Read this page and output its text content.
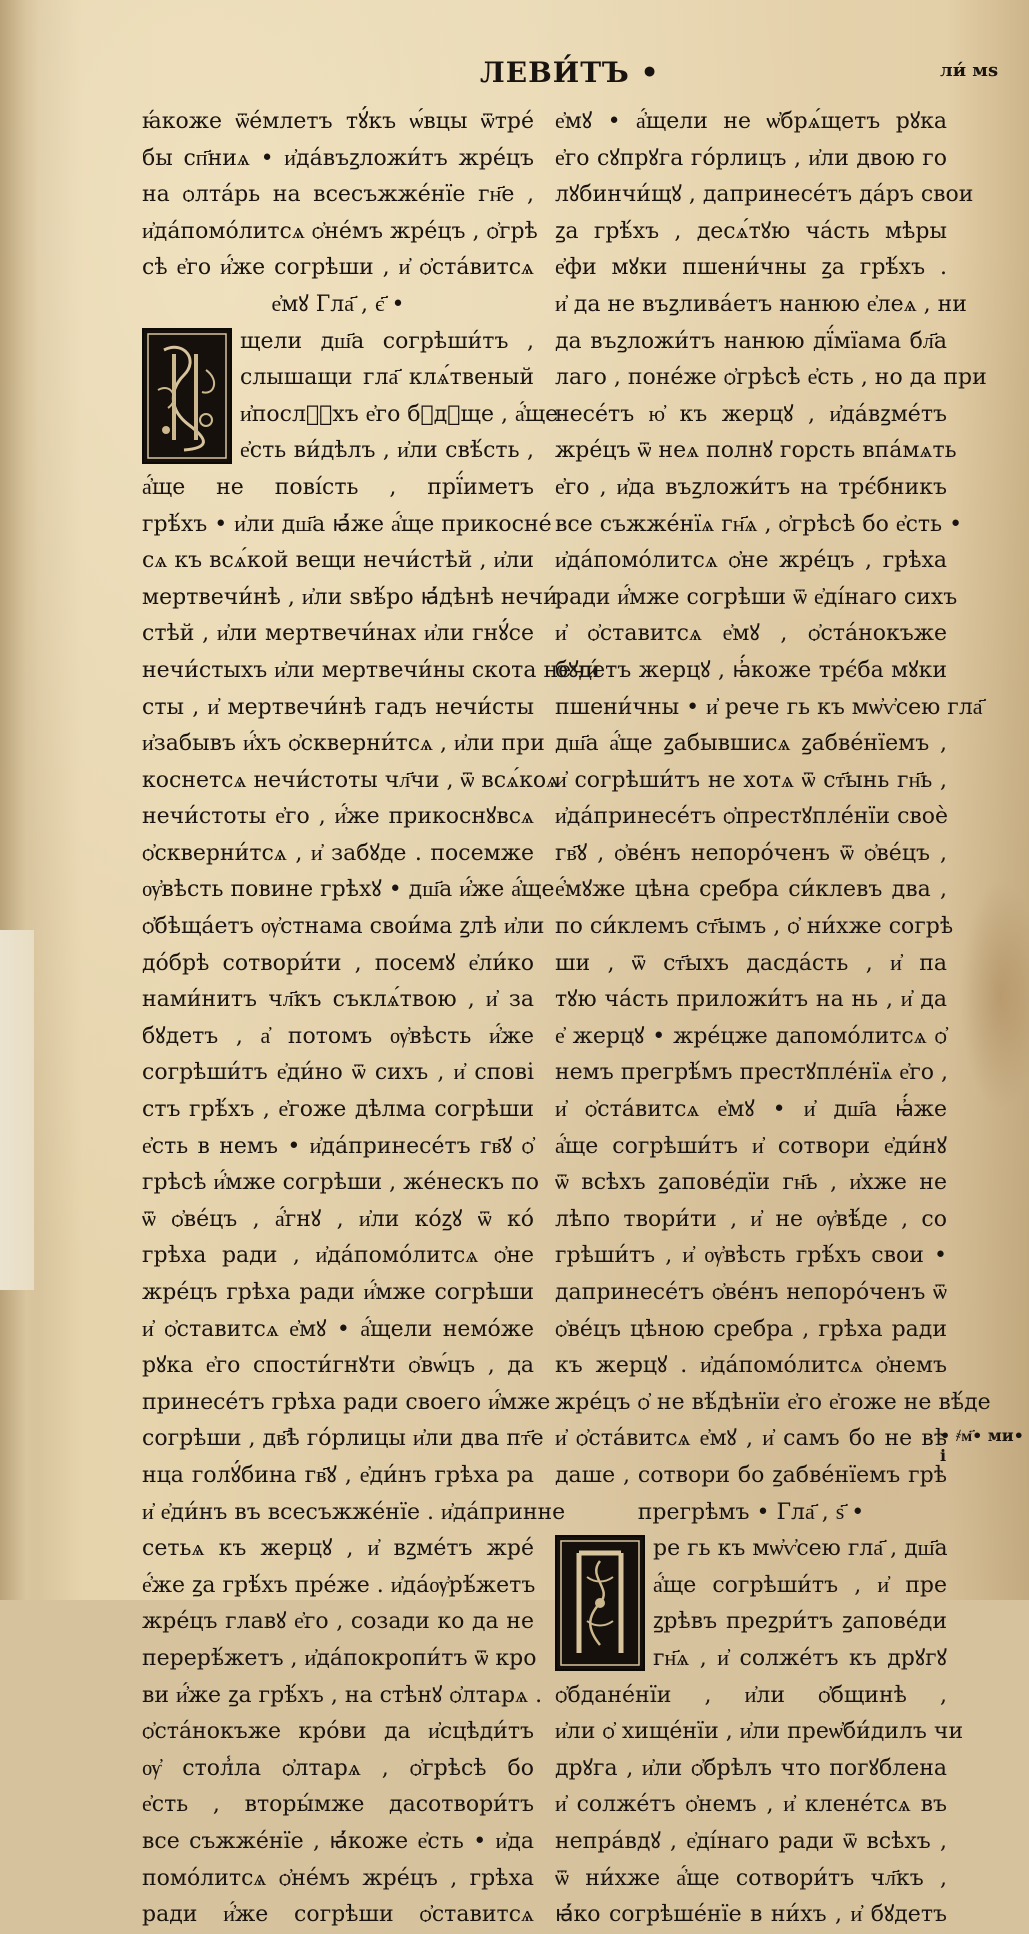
ЛЕВИ́ТЪ •	ли́ мѕ
ꙗ́коже ѿе́млетъ тꙋ́къ ѡ́вцы ѿтре́
бы сп҃ниѧ • и҆да́въꙁложи́тъ жре́цъ
на ѻлта́рь на всесъжже́нїе гн҃е ,
и҆да́помо́литсѧ ѻ҆не́мъ жре́цъ , ѻ҆грѣ
сѣ е҆го и҆́же согрѣши , и҆ ѻ҆ста́витсѧ
е҆мꙋ Гла҃ , є҃ •
щели дш҃а согрѣши́тъ ,
слышащи гла҃ клѧ́твеный
и҆посл꙽ꙋхъ е҆го бꙋдꙋще , а҆́ще
е҆сть ви́дѣлъ , и҆ли свѣ́сть ,
а҆́ще не пові́сть , прї́иметъ
грѣ́хъ • и҆ли дш҃а ꙗ҆́же а҆́ще прикосне́
сѧ къ всѧ́кой вещи нечи́стѣй , и҆ли
мертвечи́нѣ , и҆ли ѕвѣ́ро ꙗ҆́дѣнѣ нечи́
стѣй , и҆ли мертвечи́нах и҆ли гнꙋ́се
нечи́стыхъ и҆ли мертвечи́ны скота нечи́
сты , и҆ мертвечи́нѣ гадъ нечи́сты
и҆забывъ и҆́хъ ѻ҆скверни́тсѧ , и҆ли при
коснетсѧ нечи́стоты чл҃чи , ѿ всѧ́коѧ
нечи́стоты е҆го , и҆́же прикоснꙋвсѧ
ѻ҆скверни́тсѧ , и҆ забꙋде . посемже
ѹ҆вѣсть повине грѣхꙋ • дш҃а и҆́же а҆́ще
ѻ҆бѣща́етъ ѹ҆стнама свои́ма ꙁлѣ и҆ли
до́брѣ сотвори́ти , посемꙋ е҆ли́ко
нами́нитъ чл҃къ съклѧ́твою , и҆ за
бꙋдетъ , а҆ потомъ ѹ҆вѣсть и҆́же
согрѣши́тъ е҆ди́но ѿ сихъ , и҆ спові
стъ грѣ́хъ , е҆гоже дѣлма согрѣши
е҆сть в немъ • и҆да́принесе́тъ гв҃ꙋ ѻ҆
грѣсѣ и҆́мже согрѣши , же́нескъ по
ѿ ѻ҆ве́цъ , а҆́гнꙋ , и҆ли ко́ꙁꙋ ѿ ко́
грѣха ради , и҆да́помо́литсѧ ѻ҆не
жре́цъ грѣха ради и҆́мже согрѣши
и҆ ѻ҆ставитсѧ е҆мꙋ • а҆́щели немо́же
рꙋка е҆го спости́гнꙋти ѻ҆вѡ́цъ , да
принесе́тъ грѣха ради своего и҆́мже
согрѣши , дв҃ѣ го́рлицы и҆ли два пт҃е
нца голꙋ́бина гв҃ꙋ , е҆ди́нъ грѣха ра
и҆ е҆ди́нъ въ всесъжже́нїе . и҆да́принне
сетьѧ къ жерцꙋ , и҆ вꙁме́тъ жре́
е҆́же ꙁа грѣ́хъ пре́же . и҆да́ѹ҆рѣ́жетъ
жре́цъ главꙋ е҆го , созади ко да не
перерѣ́жетъ , и҆да́покропи́тъ ѿ кро
ви и҆́же ꙁа грѣ́хъ , на стѣнꙋ ѻ҆лтарѧ .
ѻ҆ста́нокъже кро́ви да и҆сцѣди́тъ
ѹ҆ стол̾ла ѻ҆лтарѧ , ѻ҆грѣсѣ бо
е҆сть , вторы́мже дасотвори́тъ
все съжже́нїе , ꙗ҆́коже е҆сть • и҆да
помо́литсѧ ѻ҆не́мъ жре́цъ , грѣха
ради и҆́же согрѣши ѻ҆ставитсѧ
е҆мꙋ • а҆́щели не ѡ҆брѧ́щетъ рꙋка
е҆го сꙋпрꙋга го́рлицъ , и҆ли двою го
лꙋбинчи́щꙋ , дапринесе́тъ да́ръ свои
ꙁа грѣ́хъ , десѧ́тꙋю ча́сть мѣры
е҆фи мꙋки пшени́чны ꙁа грѣ́хъ .
и҆ да не въꙁлива́етъ нанюю е҆леѧ , ни
да въꙁложи́тъ нанюю дї́мїама бл҃а
лаго , поне́же ѻ҆грѣсѣ е҆сть , но да при
несе́тъ ю҆ къ жерцꙋ , и҆да́вꙁме́тъ
жре́цъ ѿ неѧ полнꙋ горсть впа́мѧть
е҆го , и҆да въꙁложи́тъ на трє́бникъ
все съжже́нїѧ гн҃ѧ , ѻ҆грѣсѣ бо е҆сть •
и҆да́помо́литсѧ ѻ҆не жре́цъ , грѣха
ради и҆́мже согрѣши ѿ е҆ді́наго сихъ
и҆ ѻ҆ставитсѧ е҆мꙋ , ѻ҆ста́нокъже
бꙋдетъ жерцꙋ , ꙗ҆́коже трє́ба мꙋки
пшени́чны • и҆ рече гь къ мѡ҆ѵ҆сею гла҃
дш҃а а҆́ще ꙁабывшисѧ ꙁабве́нїемъ ,
и҆ согрѣши́тъ не хотѧ ѿ ст҃ынь гн҃ь ,
и҆да́принесе́тъ ѻ҆престꙋпле́нїи своѐ
гв҃ꙋ , ѻ҆ве́нъ непоро́ченъ ѿ ѻ҆ве́цъ ,
е҆́мꙋже цѣна сребра си́клевъ два ,
по си́клемъ ст҃ымъ , ѻ҆ ни́хже согрѣ
ши , ѿ ст҃ыхъ дасда́сть , и҆ па
тꙋю ча́сть приложи́тъ на нь , и҆ да
е҆ жерцꙋ • жре́цже дапомо́литсѧ ѻ҆
немъ прегрѣ́мъ престꙋпле́нїѧ е҆го ,
и҆ ѻ҆ста́витсѧ е҆мꙋ • и҆ дш҃а ꙗ҆́же
а҆́ще согрѣши́тъ и҆ сотвори е҆ди́нꙋ
ѿ всѣхъ ꙁапове́дїи гн҃ь , и҆хже не
лѣпо твори́ти , и҆ не ѹ҆вѣ́де , со
грѣши́тъ , и҆ ѹ҆вѣсть грѣ́хъ свои •
дапринесе́тъ ѻ҆ве́нъ непоро́ченъ ѿ
ѻ҆ве́цъ цѣною сребра , грѣха ради
къ жерцꙋ . и҆да́помо́литсѧ ѻ҆немъ
жре́цъ ѻ҆ не вѣ́дѣнїи е҆го е҆гоже не вѣ́де
и҆ ѻ҆ста́витсѧ е҆мꙋ , и҆ самъ бо не вѣ
даше , сотвори бо ꙁабве́нїемъ грѣ
прегрѣмъ • Гла҃ , ѕ҃ •
ре гь къ мѡ҆ѵ҆сею гла҃ , дш҃а
а҆́ще согрѣши́тъ , и҆ пре
ꙁрѣвъ преꙁри́тъ ꙁапове́ди
гн҃ѧ , и҆ солже́тъ къ дрꙋгꙋ
ѻ҆бдане́нїи , и҆ли ѻ҆бщинѣ ,
и҆ли ѻ҆ хище́нїи , и҆ли преѡ҆би́дилъ чи
дрꙋга , и҆ли ѻ҆брѣлъ что погꙋблена
и҆ солже́тъ ѻ҆немъ , и҆ клене́тсѧ въ
непра́вдꙋ , е҆ді́наго ради ѿ всѣхъ ,
ѿ ни́хже а҆́ще сотвори́тъ чл҃къ ,
ꙗ҆́ко согрѣше́нїе в ни́хъ , и҆ бꙋдетъ
• ҂м҃• ми• і
